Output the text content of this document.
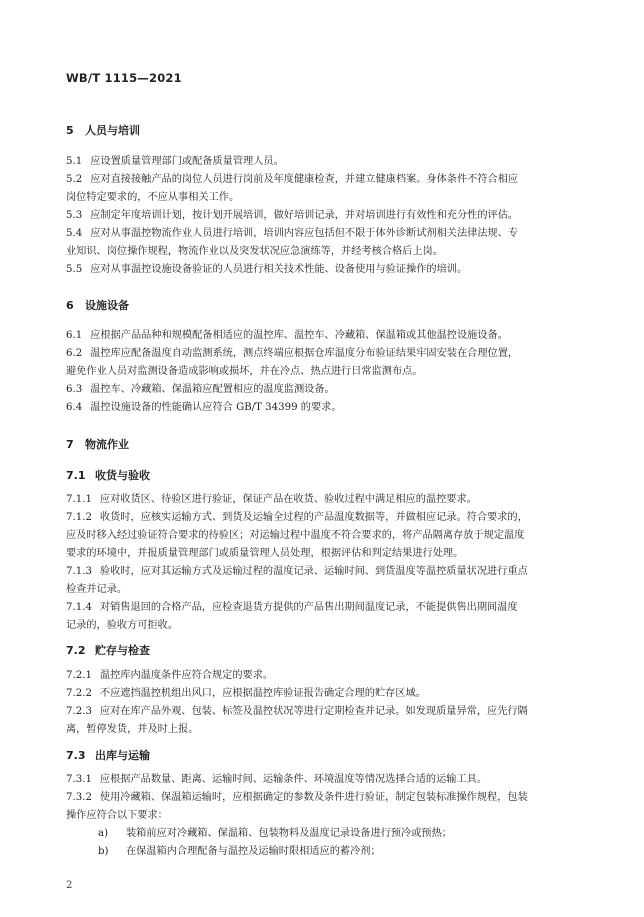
WB/T 1115—2021
5 人员与培训
5.1 应设置质量管理部门或配备质量管理人员。
5.2 应对直接接触产品的岗位人员进行岗前及年度健康检查，并建立健康档案。身体条件不符合相应
岗位特定要求的，不应从事相关工作。
5.3 应制定年度培训计划，按计划开展培训，做好培训记录，并对培训进行有效性和充分性的评估。
5.4 应对从事温控物流作业人员进行培训，培训内容应包括但不限于体外诊断试剂相关法律法规、专
业知识、岗位操作规程，物流作业以及突发状况应急演练等，并经考核合格后上岗。
5.5 应对从事温控设施设备验证的人员进行相关技术性能、设备使用与验证操作的培训。
6 设施设备
6.1 应根据产品品种和规模配备相适应的温控库、温控车、冷藏箱、保温箱或其他温控设施设备。
6.2 温控库应配备温度自动监测系统，测点终端应根据仓库温度分布验证结果牢固安装在合理位置，
避免作业人员对监测设备造成影响或损坏，并在冷点、热点进行日常监测布点。
6.3 温控车、冷藏箱、保温箱应配置相应的温度监测设备。
6.4 温控设施设备的性能确认应符合 GB/T 34399 的要求。
7 物流作业
7.1 收货与验收
7.1.1 应对收货区、待验区进行验证，保证产品在收货、验收过程中满足相应的温控要求。
7.1.2 收货时，应核实运输方式、到货及运输全过程的产品温度数据等，并做相应记录。符合要求的，
应及时移入经过验证符合要求的待验区；对运输过程中温度不符合要求的，将产品隔离存放于规定温度
要求的环境中，并报质量管理部门或质量管理人员处理，根据评估和判定结果进行处理。
7.1.3 验收时，应对其运输方式及运输过程的温度记录、运输时间、到货温度等温控质量状况进行重点
检查并记录。
7.1.4 对销售退回的合格产品，应检查退货方提供的产品售出期间温度记录，不能提供售出期间温度
记录的，验收方可拒收。
7.2 贮存与检查
7.2.1 温控库内温度条件应符合规定的要求。
7.2.2 不应遮挡温控机组出风口，应根据温控库验证报告确定合理的贮存区域。
7.2.3 应对在库产品外观、包装、标签及温控状况等进行定期检查并记录。如发现质量异常，应先行隔
离，暂停发货，并及时上报。
7.3 出库与运输
7.3.1 应根据产品数量、距离、运输时间、运输条件、环境温度等情况选择合适的运输工具。
7.3.2 使用冷藏箱、保温箱运输时，应根据确定的参数及条件进行验证，制定包装标准操作规程，包装
操作应符合以下要求：
a) 装箱前应对冷藏箱、保温箱、包装物料及温度记录设备进行预冷或预热；
b) 在保温箱内合理配备与温控及运输时限相适应的蓄冷剂；
2
